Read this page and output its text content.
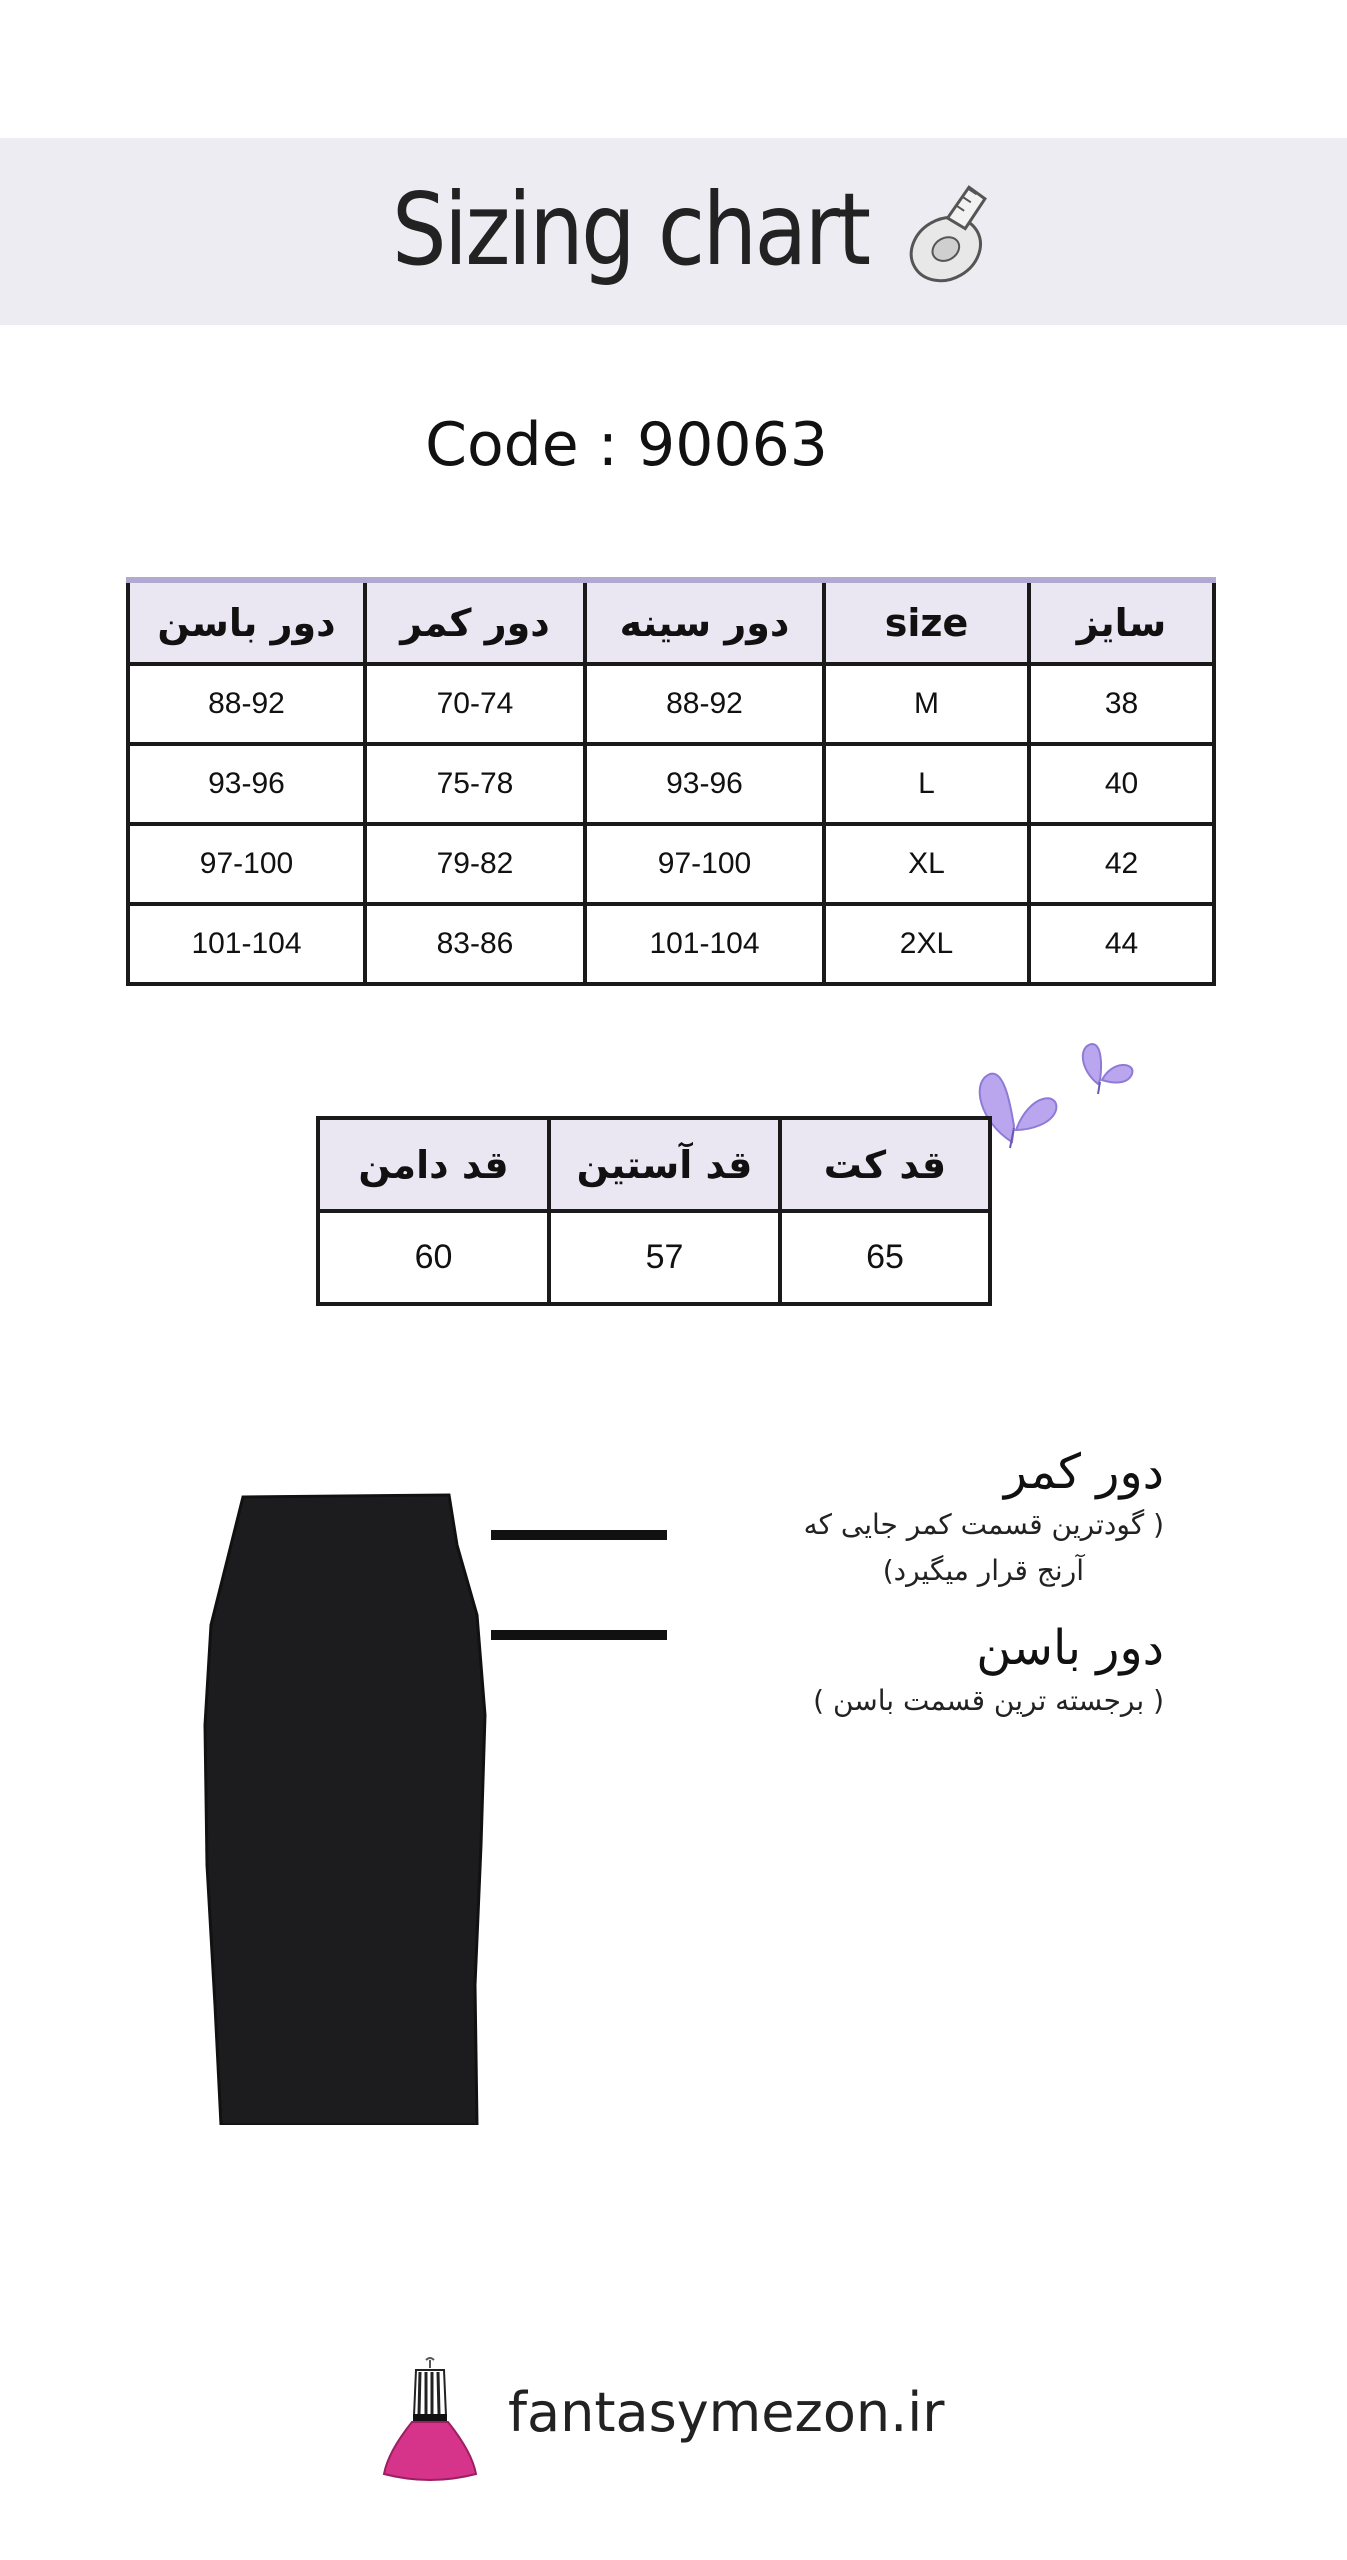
Sizing chart
Code : 90063
دور باسن	دور کمر	دور سینه	size	سایز
88-92	70-74	88-92	M	38
93-96	75-78	93-96	L	40
97-100	79-82	97-100	XL	42
101-104	83-86	101-104	2XL	44
قد دامن	قد آستین	قد کت
60	57	65
دور کمر
( گودترین قسمت کمر جایی که
آرنج قرار میگیرد)
دور باسن
( برجسته ترین قسمت باسن )
fantasymezon.ir
